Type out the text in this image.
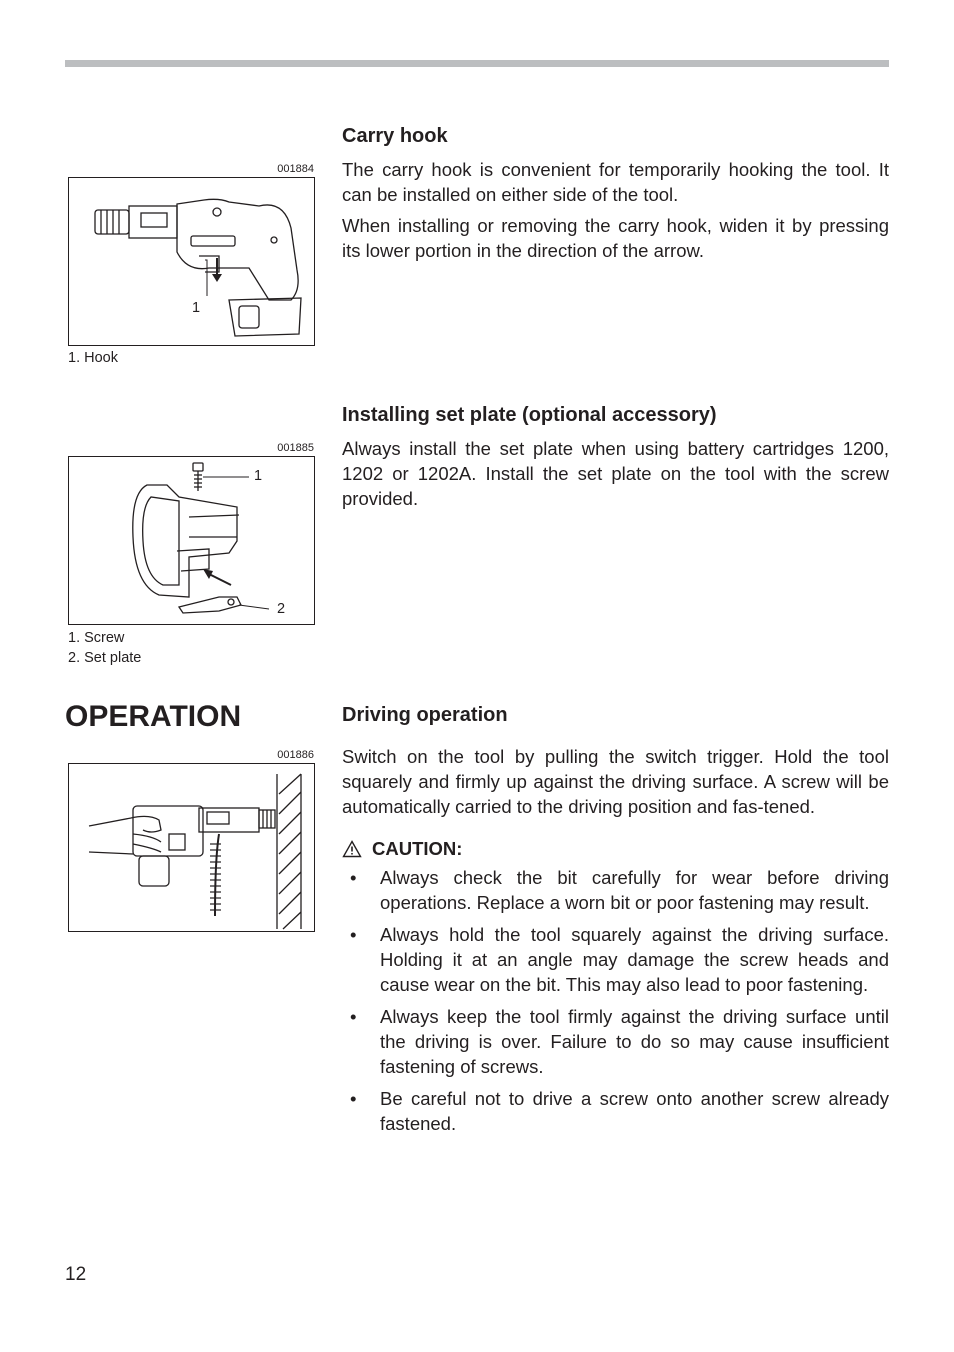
001884
1
1. Hook
Carry hook

The carry hook is convenient for temporarily hooking the tool. It can be installed on either side of the tool.

When installing or removing the carry hook, widen it by pressing its lower portion in the direction of the arrow.

001885
1
2
1. Screw
2. Set plate
Installing set plate (optional accessory)

Always install the set plate when using battery cartridges 1200, 1202 or 1202A. Install the set plate on the tool with the screw provided.

OPERATION
001886
Driving operation

Switch on the tool by pulling the switch trigger. Hold the tool squarely and firmly up against the driving surface. A screw will be automatically carried to the driving position and fas-tened.

CAUTION:
• Always check the bit carefully for wear before driving operations. Replace a worn bit or poor fastening may result.
• Always hold the tool squarely against the driving surface. Holding it at an angle may damage the screw heads and cause wear on the bit. This may also lead to poor fastening.
• Always keep the tool firmly against the driving surface until the driving is over. Failure to do so may cause insufficient fastening of screws.
• Be careful not to drive a screw onto another screw already fastened.
12
